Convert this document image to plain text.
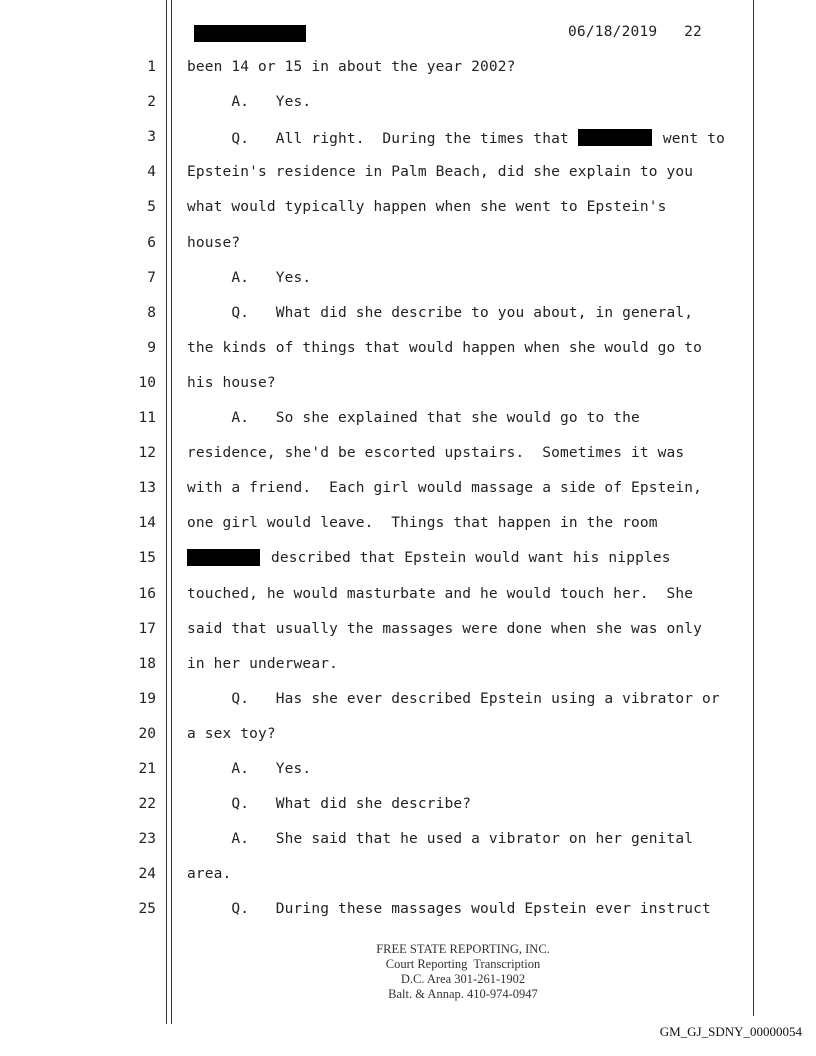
06/18/2019 22
1 been 14 or 15 in about the year 2002?
2 A.   Yes.
3 Q.   All right.  During the times that	went to
4 Epstein's residence in Palm Beach, did she explain to you
5 what would typically happen when she went to Epstein's
6 house?
7 A.   Yes.
8 Q.   What did she describe to you about, in general,
9 the kinds of things that would happen when she would go to
10 his house?
11 A.   So she explained that she would go to the
12 residence, she'd be escorted upstairs.  Sometimes it was
13 with a friend.  Each girl would massage a side of Epstein,
14 one girl would leave.  Things that happen in the room
15	described that Epstein would want his nipples
16 touched, he would masturbate and he would touch her.  She
17 said that usually the massages were done when she was only
18 in her underwear.
19 Q.   Has she ever described Epstein using a vibrator or
20 a sex toy?
21 A.   Yes.
22 Q.   What did she describe?
23 A.   She said that he used a vibrator on her genital
24 area.
25 Q.   During these massages would Epstein ever instruct
FREE STATE REPORTING, INC.
Court Reporting  Transcription
D.C. Area 301-261-1902
Balt. & Annap. 410-974-0947
GM_GJ_SDNY_00000054
